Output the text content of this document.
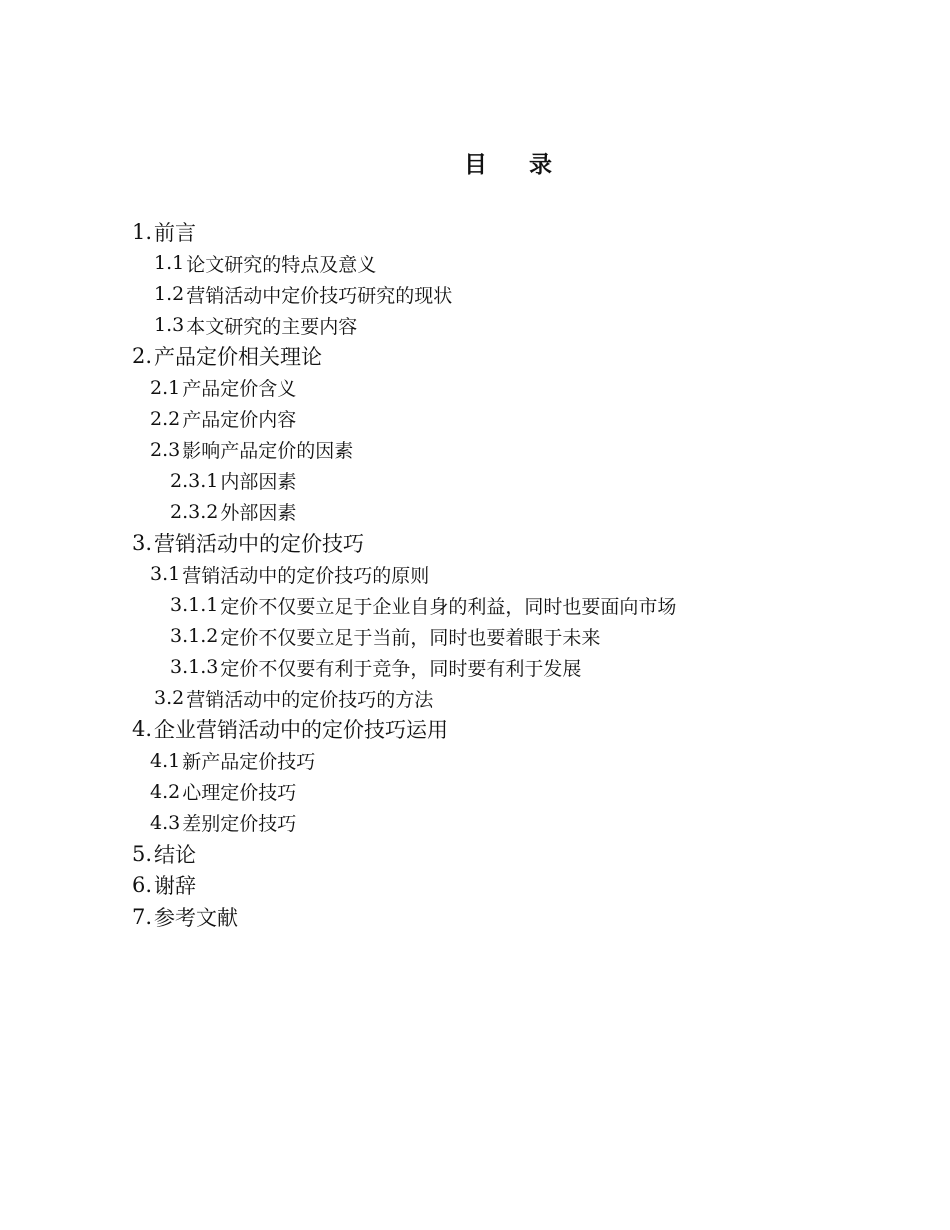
目    录
1. 前言
1.1 论文研究的特点及意义
1.2 营销活动中定价技巧研究的现状
1.3 本文研究的主要内容
2. 产品定价相关理论
2.1 产品定价含义
2.2 产品定价内容
2.3 影响产品定价的因素
2.3.1 内部因素
2.3.2 外部因素
3. 营销活动中的定价技巧
3.1 营销活动中的定价技巧的原则
3.1.1 定价不仅要立足于企业自身的利益，同时也要面向市场
3.1.2 定价不仅要立足于当前，同时也要着眼于未来
3.1.3 定价不仅要有利于竞争，同时要有利于发展
3.2 营销活动中的定价技巧的方法
4. 企业营销活动中的定价技巧运用
4.1 新产品定价技巧
4.2 心理定价技巧
4.3 差别定价技巧
5. 结论
6. 谢辞
7. 参考文献
